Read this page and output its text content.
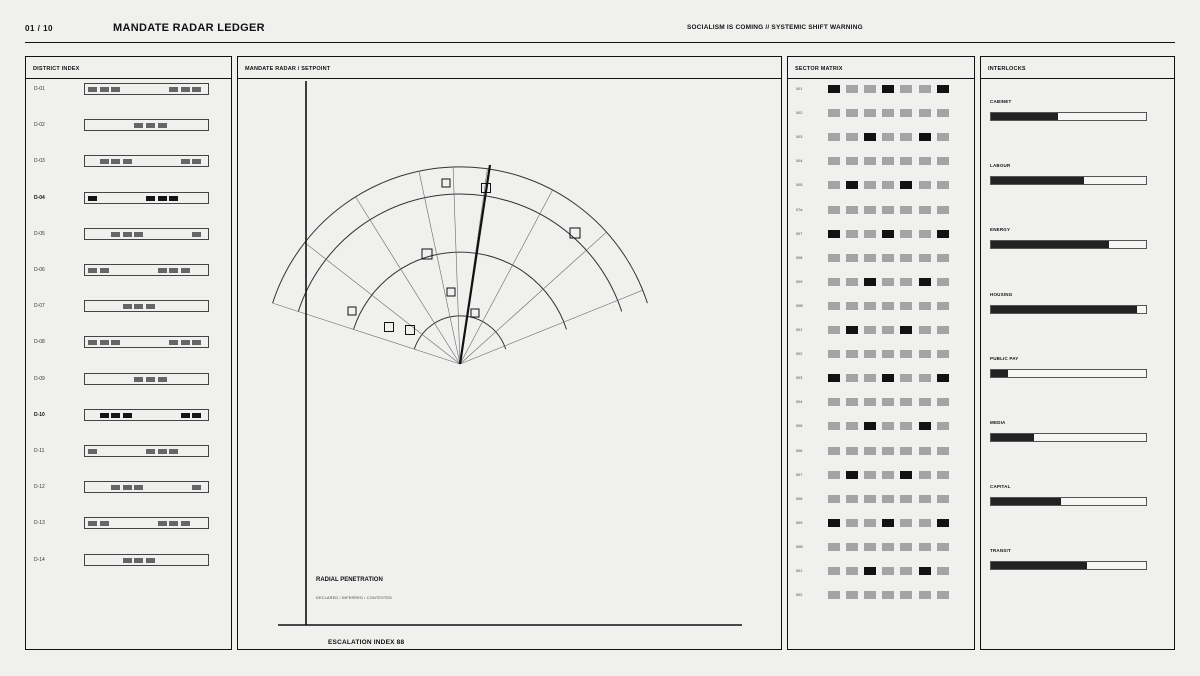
01 / 10	MANDATE RADAR LEDGER	SOCIALISM IS COMING // SYSTEMIC SHIFT WARNING
DISTRICT INDEX
D-01
D-02
D-03
D-04
D-05
D-06
D-07
D-08
D-09
D-10
D-11
D-12
D-13
D-14
MANDATE RADAR / SETPOINT
RADIAL PENETRATION
DECLARED / INFERRED / CONTESTED
ESCALATION INDEX 88
SECTOR MATRIX
001
002
003
004
005
07a
007
008
009
00B
001
002
003
004
005
006
007
008
009
00B
001
002
INTERLOCKS
CABINET
LABOUR
ENERGY
HOUSING
PUBLIC PAY
MEDIA
CAPITAL
TRANSIT
